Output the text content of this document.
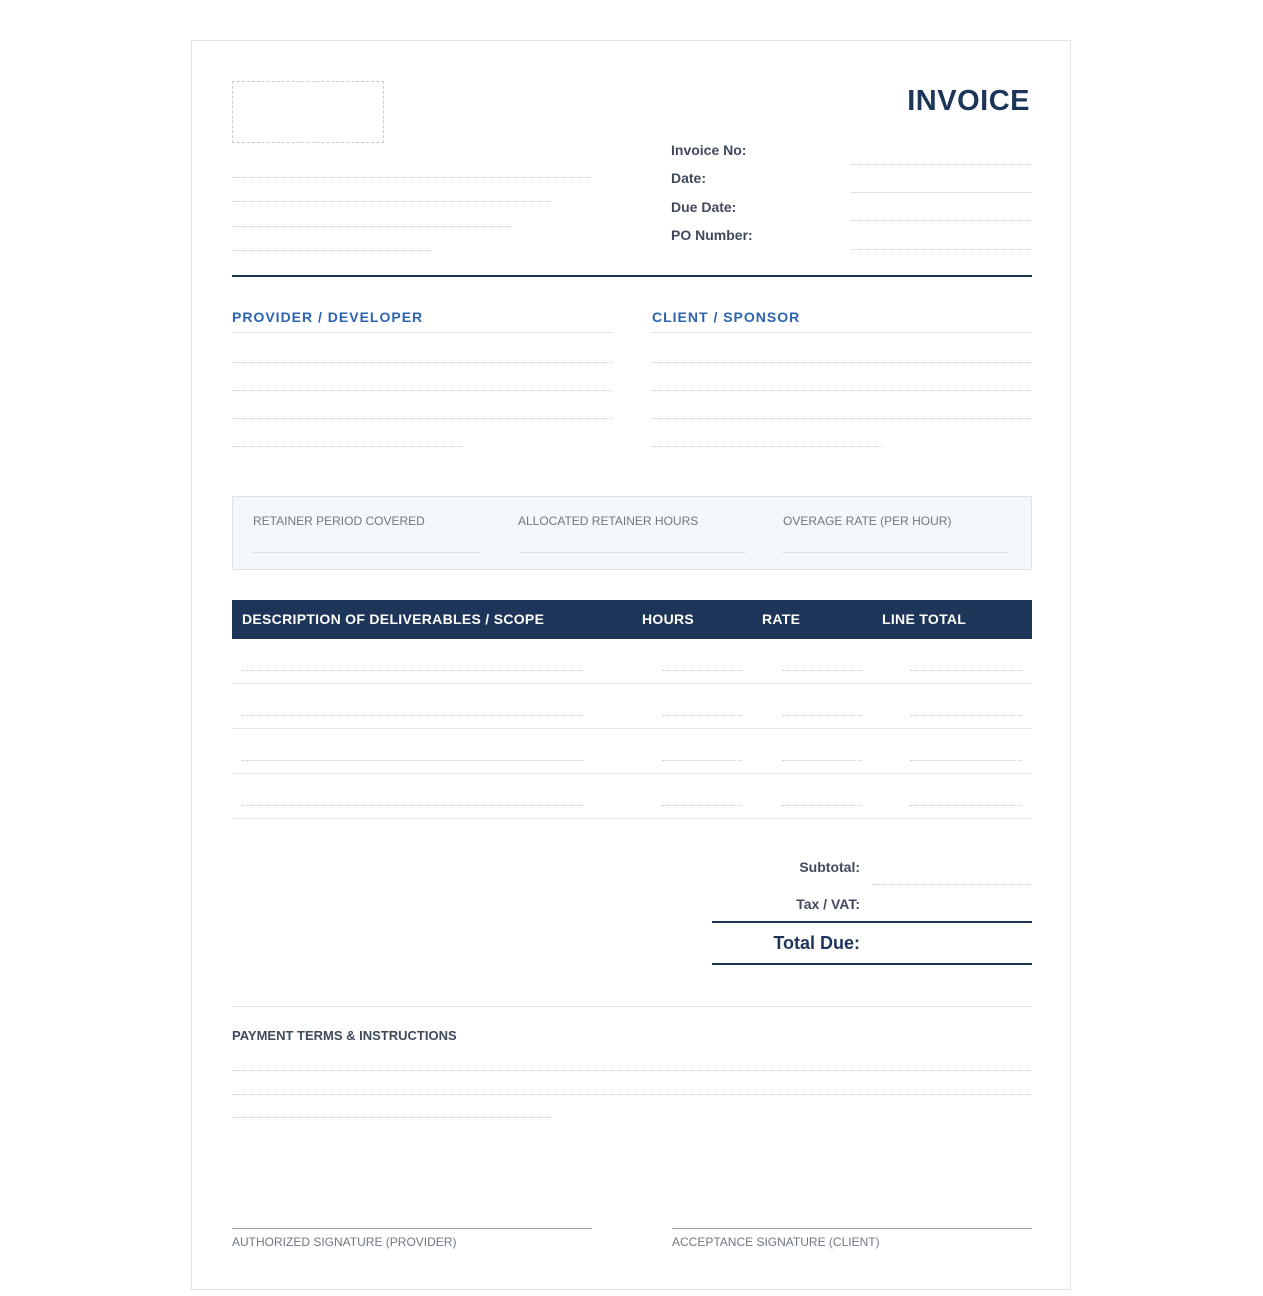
INVOICE
Invoice No:
Date:
Due Date:
PO Number:
PROVIDER / DEVELOPER	CLIENT / SPONSOR
RETAINER PERIOD COVERED	ALLOCATED RETAINER HOURS	OVERAGE RATE (PER HOUR)
DESCRIPTION OF DELIVERABLES / SCOPE	HOURS	RATE	LINE TOTAL
Subtotal:
Tax / VAT:
Total Due:
PAYMENT TERMS & INSTRUCTIONS
AUTHORIZED SIGNATURE (PROVIDER)	ACCEPTANCE SIGNATURE (CLIENT)
